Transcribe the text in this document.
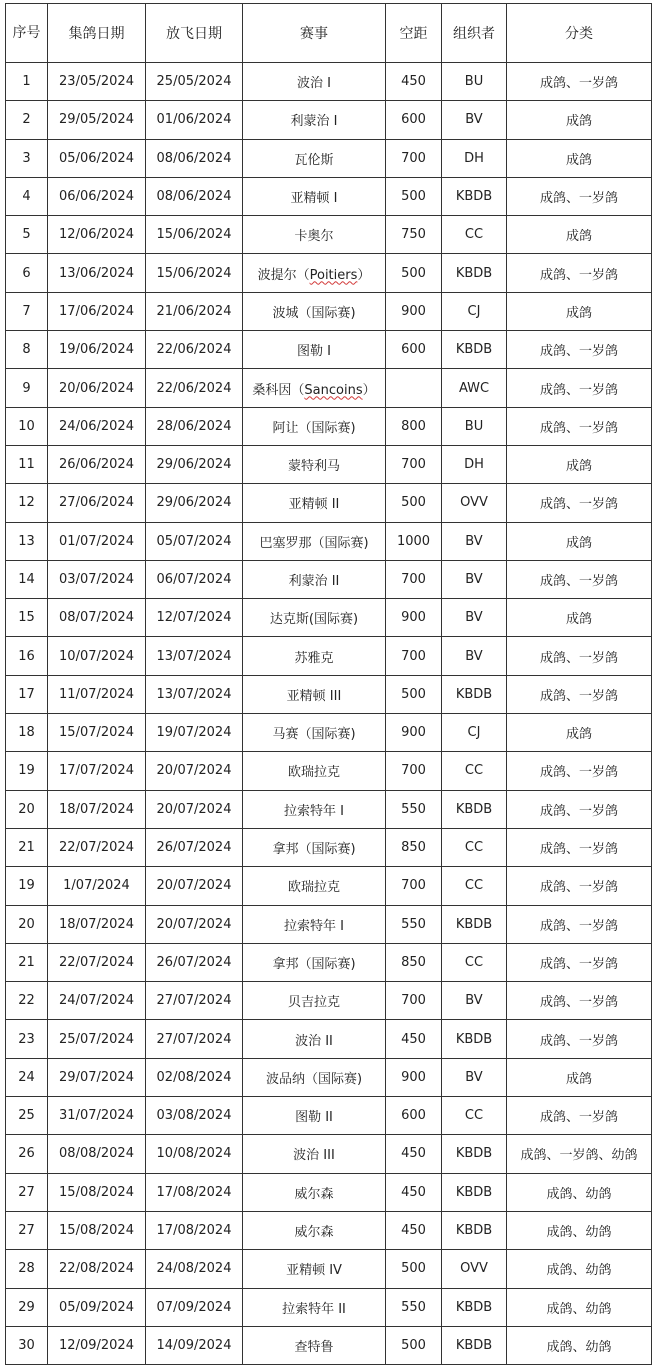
序号	集鸽日期	放飞日期	赛事	空距	组织者	分类
1	23/05/2024	25/05/2024	波治 I	450	BU	成鸽、一岁鸽
2	29/05/2024	01/06/2024	利蒙治 I	600	BV	成鸽
3	05/06/2024	08/06/2024	瓦伦斯	700	DH	成鸽
4	06/06/2024	08/06/2024	亚精顿 I	500	KBDB	成鸽、一岁鸽
5	12/06/2024	15/06/2024	卡奥尔	750	CC	成鸽
6	13/06/2024	15/06/2024	波提尔（Poitiers）	500	KBDB	成鸽、一岁鸽
7	17/06/2024	21/06/2024	波城（国际赛)	900	CJ	成鸽
8	19/06/2024	22/06/2024	图勒 I	600	KBDB	成鸽、一岁鸽
9	20/06/2024	22/06/2024	桑科因（Sancoins）		AWC	成鸽、一岁鸽
10	24/06/2024	28/06/2024	阿让（国际赛)	800	BU	成鸽、一岁鸽
11	26/06/2024	29/06/2024	蒙特利马	700	DH	成鸽
12	27/06/2024	29/06/2024	亚精顿 II	500	OVV	成鸽、一岁鸽
13	01/07/2024	05/07/2024	巴塞罗那（国际赛)	1000	BV	成鸽
14	03/07/2024	06/07/2024	利蒙治 II	700	BV	成鸽、一岁鸽
15	08/07/2024	12/07/2024	达克斯(国际赛)	900	BV	成鸽
16	10/07/2024	13/07/2024	苏雅克	700	BV	成鸽、一岁鸽
17	11/07/2024	13/07/2024	亚精顿 III	500	KBDB	成鸽、一岁鸽
18	15/07/2024	19/07/2024	马赛（国际赛)	900	CJ	成鸽
19	17/07/2024	20/07/2024	欧瑞拉克	700	CC	成鸽、一岁鸽
20	18/07/2024	20/07/2024	拉索特年 I	550	KBDB	成鸽、一岁鸽
21	22/07/2024	26/07/2024	拿邦（国际赛)	850	CC	成鸽、一岁鸽
19	1/07/2024	20/07/2024	欧瑞拉克	700	CC	成鸽、一岁鸽
20	18/07/2024	20/07/2024	拉索特年 I	550	KBDB	成鸽、一岁鸽
21	22/07/2024	26/07/2024	拿邦（国际赛)	850	CC	成鸽、一岁鸽
22	24/07/2024	27/07/2024	贝吉拉克	700	BV	成鸽、一岁鸽
23	25/07/2024	27/07/2024	波治 II	450	KBDB	成鸽、一岁鸽
24	29/07/2024	02/08/2024	波品纳（国际赛)	900	BV	成鸽
25	31/07/2024	03/08/2024	图勒 II	600	CC	成鸽、一岁鸽
26	08/08/2024	10/08/2024	波治 III	450	KBDB	成鸽、一岁鸽、幼鸽
27	15/08/2024	17/08/2024	威尔森	450	KBDB	成鸽、幼鸽
27	15/08/2024	17/08/2024	威尔森	450	KBDB	成鸽、幼鸽
28	22/08/2024	24/08/2024	亚精顿 IV	500	OVV	成鸽、幼鸽
29	05/09/2024	07/09/2024	拉索特年 II	550	KBDB	成鸽、幼鸽
30	12/09/2024	14/09/2024	查特鲁	500	KBDB	成鸽、幼鸽
